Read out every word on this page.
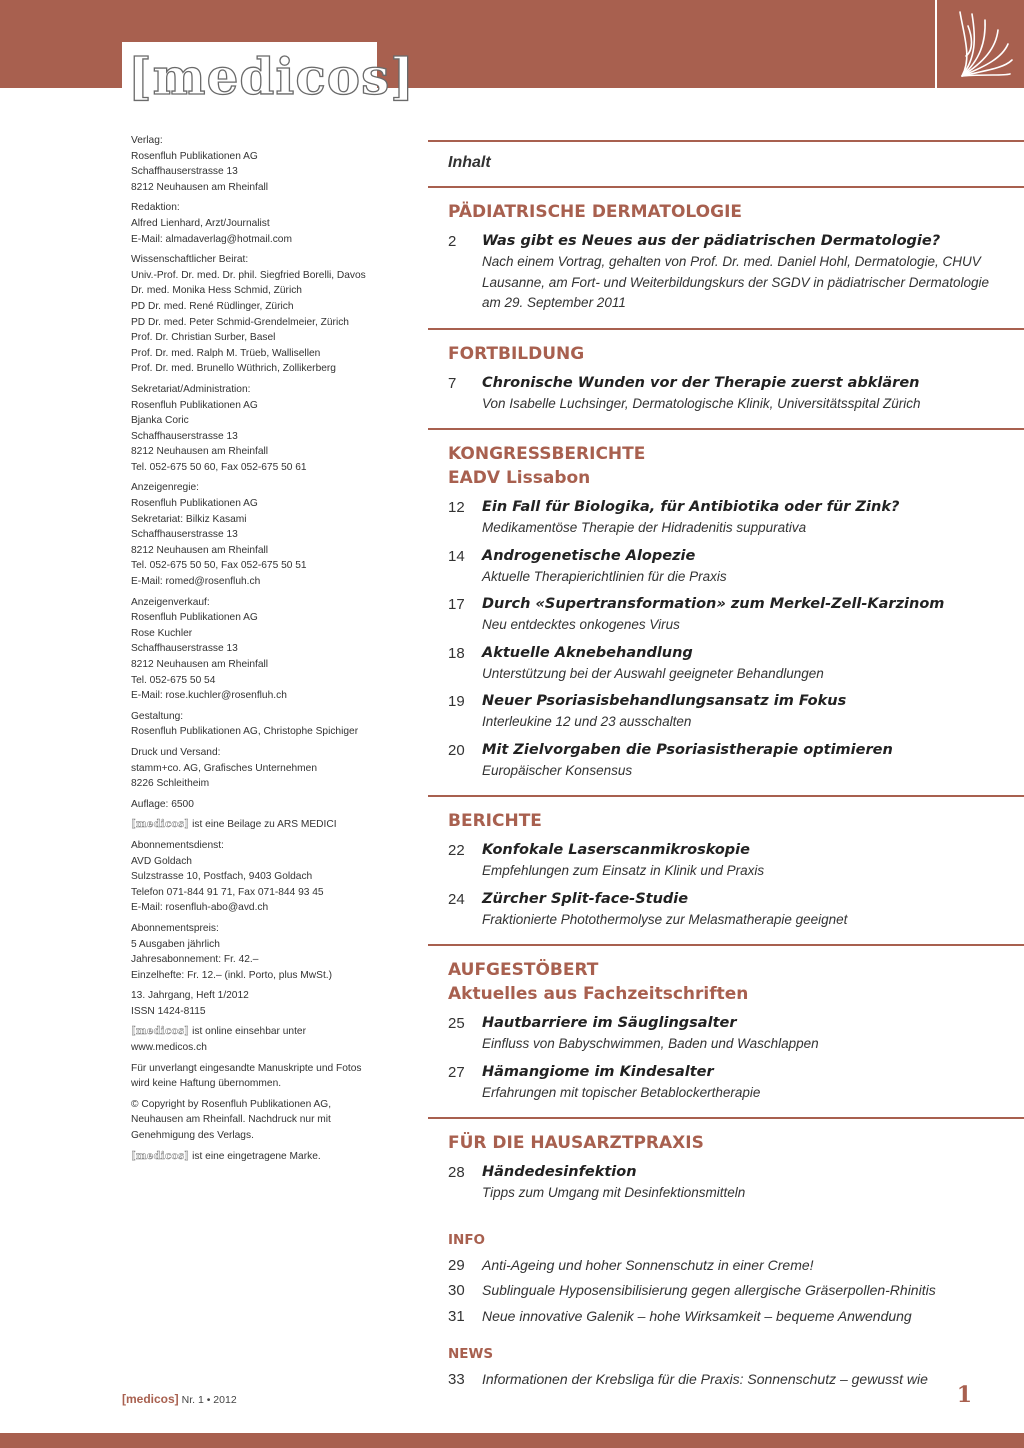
[medicos]
Verlag:
Rosenfluh Publikationen AG
Schaffhauserstrasse 13
8212 Neuhausen am Rheinfall
Redaktion:
Alfred Lienhard, Arzt/Journalist
E-Mail: almadaverlag@hotmail.com
Wissenschaftlicher Beirat:
Univ.-Prof. Dr. med. Dr. phil. Siegfried Borelli, Davos
Dr. med. Monika Hess Schmid, Zürich
PD Dr. med. René Rüdlinger, Zürich
PD Dr. med. Peter Schmid-Grendelmeier, Zürich
Prof. Dr. Christian Surber, Basel
Prof. Dr. med. Ralph M. Trüeb, Wallisellen
Prof. Dr. med. Brunello Wüthrich, Zollikerberg
Sekretariat/Administration:
Rosenfluh Publikationen AG
Bjanka Coric
Schaffhauserstrasse 13
8212 Neuhausen am Rheinfall
Tel. 052-675 50 60, Fax 052-675 50 61
Anzeigenregie:
Rosenfluh Publikationen AG
Sekretariat: Bilkiz Kasami
Schaffhauserstrasse 13
8212 Neuhausen am Rheinfall
Tel. 052-675 50 50, Fax 052-675 50 51
E-Mail: romed@rosenfluh.ch
Anzeigenverkauf:
Rosenfluh Publikationen AG
Rose Kuchler
Schaffhauserstrasse 13
8212 Neuhausen am Rheinfall
Tel. 052-675 50 54
E-Mail: rose.kuchler@rosenfluh.ch
Gestaltung:
Rosenfluh Publikationen AG, Christophe Spichiger
Druck und Versand:
stamm+co. AG, Grafisches Unternehmen
8226 Schleitheim
Auflage: 6500
[medicos] ist eine Beilage zu ARS MEDICI
Abonnementsdienst:
AVD Goldach
Sulzstrasse 10, Postfach, 9403 Goldach
Telefon 071-844 91 71, Fax 071-844 93 45
E-Mail: rosenfluh-abo@avd.ch
Abonnementspreis:
5 Ausgaben jährlich
Jahresabonnement: Fr. 42.–
Einzelhefte: Fr. 12.– (inkl. Porto, plus MwSt.)
13. Jahrgang, Heft 1/2012
ISSN 1424-8115
[medicos] ist online einsehbar unter
www.medicos.ch
Für unverlangt eingesandte Manuskripte und Fotos
wird keine Haftung übernommen.
© Copyright by Rosenfluh Publikationen AG,
Neuhausen am Rheinfall. Nachdruck nur mit
Genehmigung des Verlags.
[medicos] ist eine eingetragene Marke.
Inhalt
PÄDIATRISCHE DERMATOLOGIE
2 Was gibt es Neues aus der pädiatrischen Dermatologie?
Nach einem Vortrag, gehalten von Prof. Dr. med. Daniel Hohl, Dermatologie, CHUV Lausanne, am Fort- und Weiterbildungskurs der SGDV in pädiatrischer Dermatologie am 29. September 2011
FORTBILDUNG
7 Chronische Wunden vor der Therapie zuerst abklären
Von Isabelle Luchsinger, Dermatologische Klinik, Universitätsspital Zürich
KONGRESSBERICHTE
EADV Lissabon
12 Ein Fall für Biologika, für Antibiotika oder für Zink?
Medikamentöse Therapie der Hidradenitis suppurativa
14 Androgenetische Alopezie
Aktuelle Therapierichtlinien für die Praxis
17 Durch «Supertransformation» zum Merkel-Zell-Karzinom
Neu entdecktes onkogenes Virus
18 Aktuelle Aknebehandlung
Unterstützung bei der Auswahl geeigneter Behandlungen
19 Neuer Psoriasisbehandlungsansatz im Fokus
Interleukine 12 und 23 ausschalten
20 Mit Zielvorgaben die Psoriasistherapie optimieren
Europäischer Konsensus
BERICHTE
22 Konfokale Laserscanmikroskopie
Empfehlungen zum Einsatz in Klinik und Praxis
24 Zürcher Split-face-Studie
Fraktionierte Photothermolyse zur Melasmatherapie geeignet
AUFGESTÖBERT
Aktuelles aus Fachzeitschriften
25 Hautbarriere im Säuglingsalter
Einfluss von Babyschwimmen, Baden und Waschlappen
27 Hämangiome im Kindesalter
Erfahrungen mit topischer Betablockertherapie
FÜR DIE HAUSARZTPRAXIS
28 Händedesinfektion
Tipps zum Umgang mit Desinfektionsmitteln
INFO
29 Anti-Ageing und hoher Sonnenschutz in einer Creme!
30 Sublinguale Hyposensibilisierung gegen allergische Gräserpollen-Rhinitis
31 Neue innovative Galenik – hohe Wirksamkeit – bequeme Anwendung
NEWS
33 Informationen der Krebsliga für die Praxis: Sonnenschutz – gewusst wie
[medicos] Nr. 1 • 2012	1
